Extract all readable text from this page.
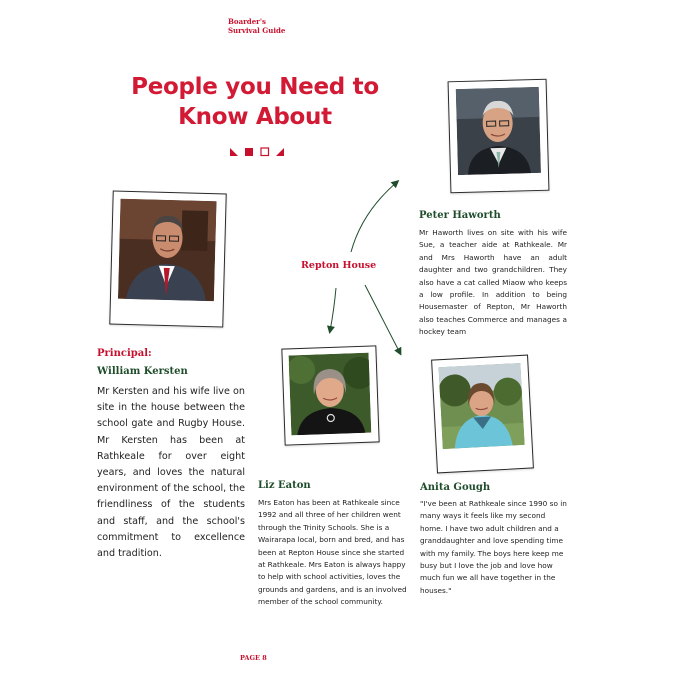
Boarder's Survival Guide
People you Need to
Know About
Peter Haworth
Mr Haworth lives on site with his wife Sue, a teacher aide at Rathkeale. Mr and Mrs Haworth have an adult daughter and two grandchildren. They also have a cat called Miaow who keeps a low profile. In addition to being Housemaster of Repton, Mr Haworth also teaches Commerce and manages a hockey team
Repton House
Principal:
William Kersten
Mr Kersten and his wife live on site in the house between the school gate and Rugby House. Mr Kersten has been at Rathkeale for over eight years, and loves the natural environment of the school, the friendliness of the students and staff, and the school's commitment to excellence and tradition.
Liz Eaton
Mrs Eaton has been at Rathkeale since 1992 and all three of her children went through the Trinity Schools. She is a Wairarapa local, born and bred, and has been at Repton House since she started at Rathkeale. Mrs Eaton is always happy to help with school activities, loves the grounds and gardens, and is an involved member of the school community.
Anita Gough
"I've been at Rathkeale since 1990 so in many ways it feels like my second home. I have two adult children and a granddaughter and love spending time with my family. The boys here keep me busy but I love the job and love how much fun we all have together in the houses."
PAGE 8
